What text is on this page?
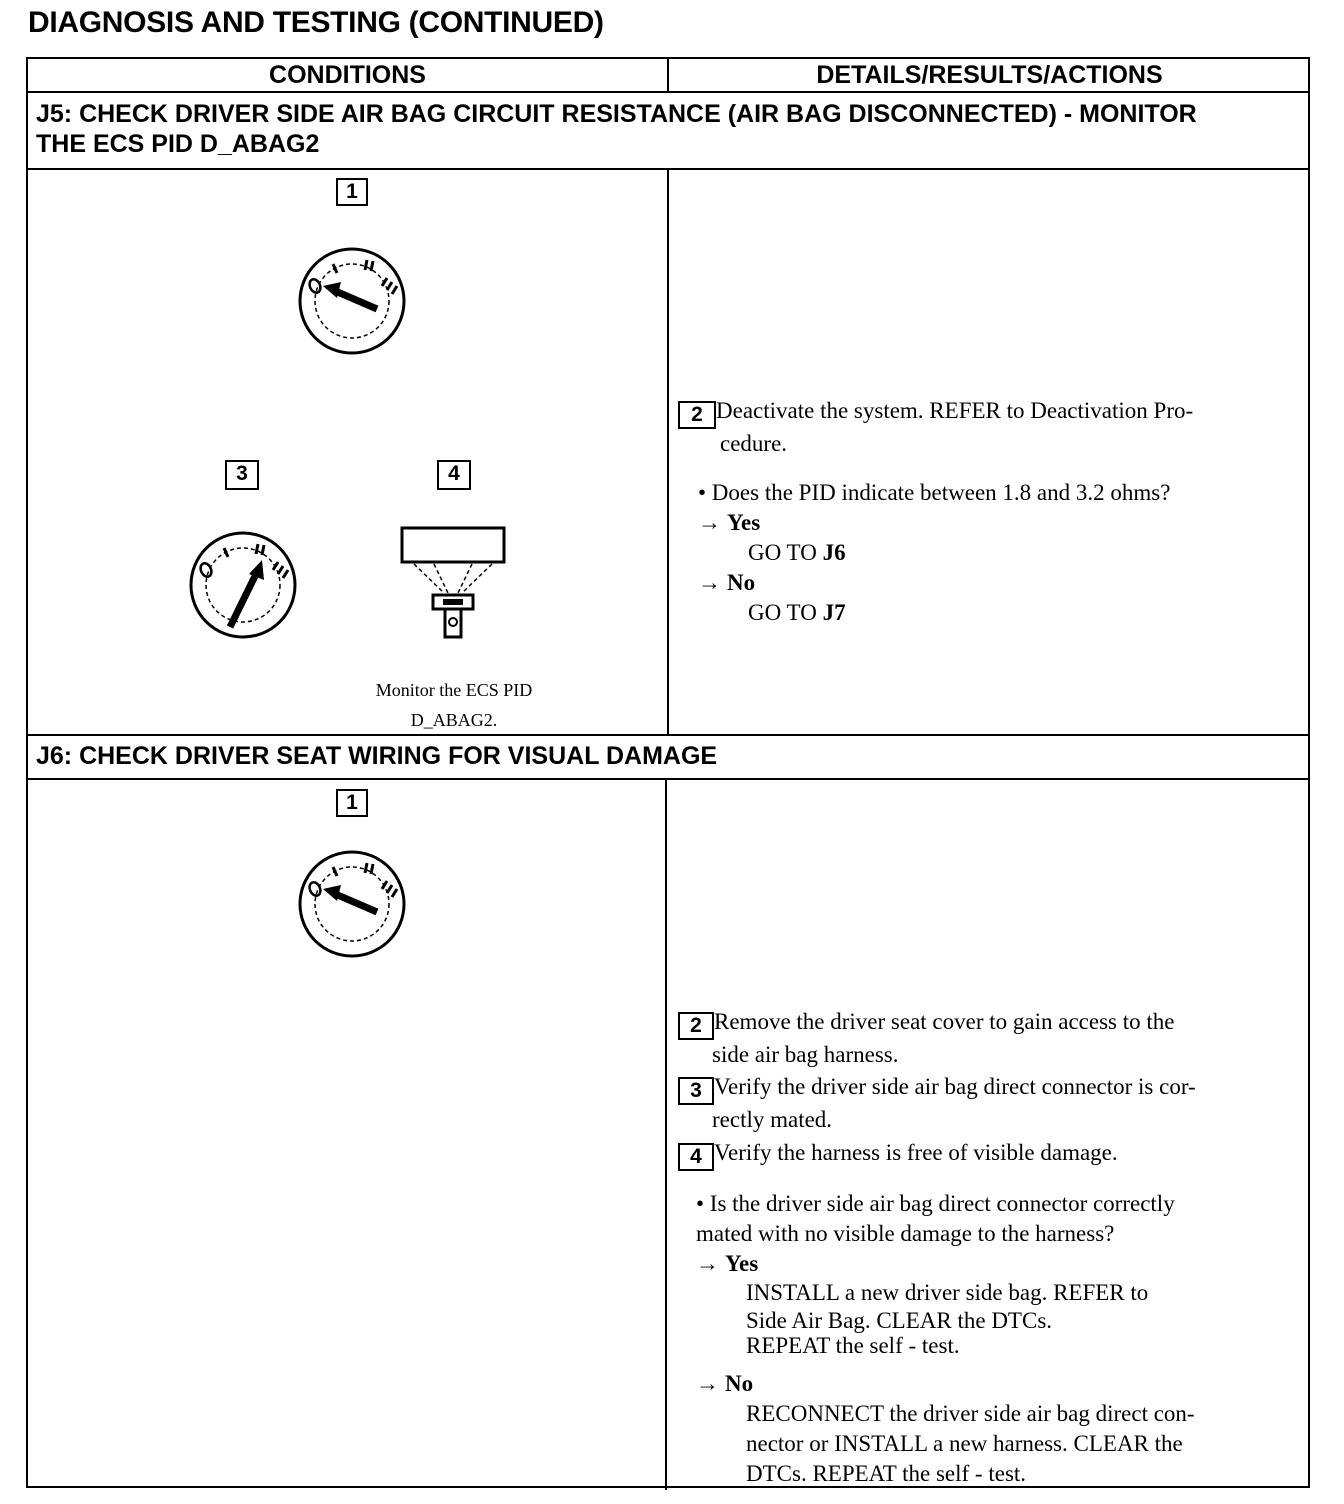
DIAGNOSIS AND TESTING (CONTINUED)
CONDITIONS	DETAILS/RESULTS/ACTIONS
J5: CHECK DRIVER SIDE AIR BAG CIRCUIT RESISTANCE (AIR BAG DISCONNECTED) - MONITOR
THE ECS PID D_ABAG2
1
3	4
Monitor the ECS PID
D_ABAG2.
2 Deactivate the system. REFER to Deactivation Pro-
cedure.
• Does the PID indicate between 1.8 and 3.2 ohms?
→ Yes
GO TO J6
→ No
GO TO J7
J6: CHECK DRIVER SEAT WIRING FOR VISUAL DAMAGE
1
2 Remove the driver seat cover to gain access to the
side air bag harness.
3 Verify the driver side air bag direct connector is cor-
rectly mated.
4 Verify the harness is free of visible damage.
• Is the driver side air bag direct connector correctly
mated with no visible damage to the harness?
→ Yes
INSTALL a new driver side bag. REFER to
Side Air Bag. CLEAR the DTCs.
REPEAT the self - test.
→ No
RECONNECT the driver side air bag direct con-
nector or INSTALL a new harness. CLEAR the
DTCs. REPEAT the self - test.
